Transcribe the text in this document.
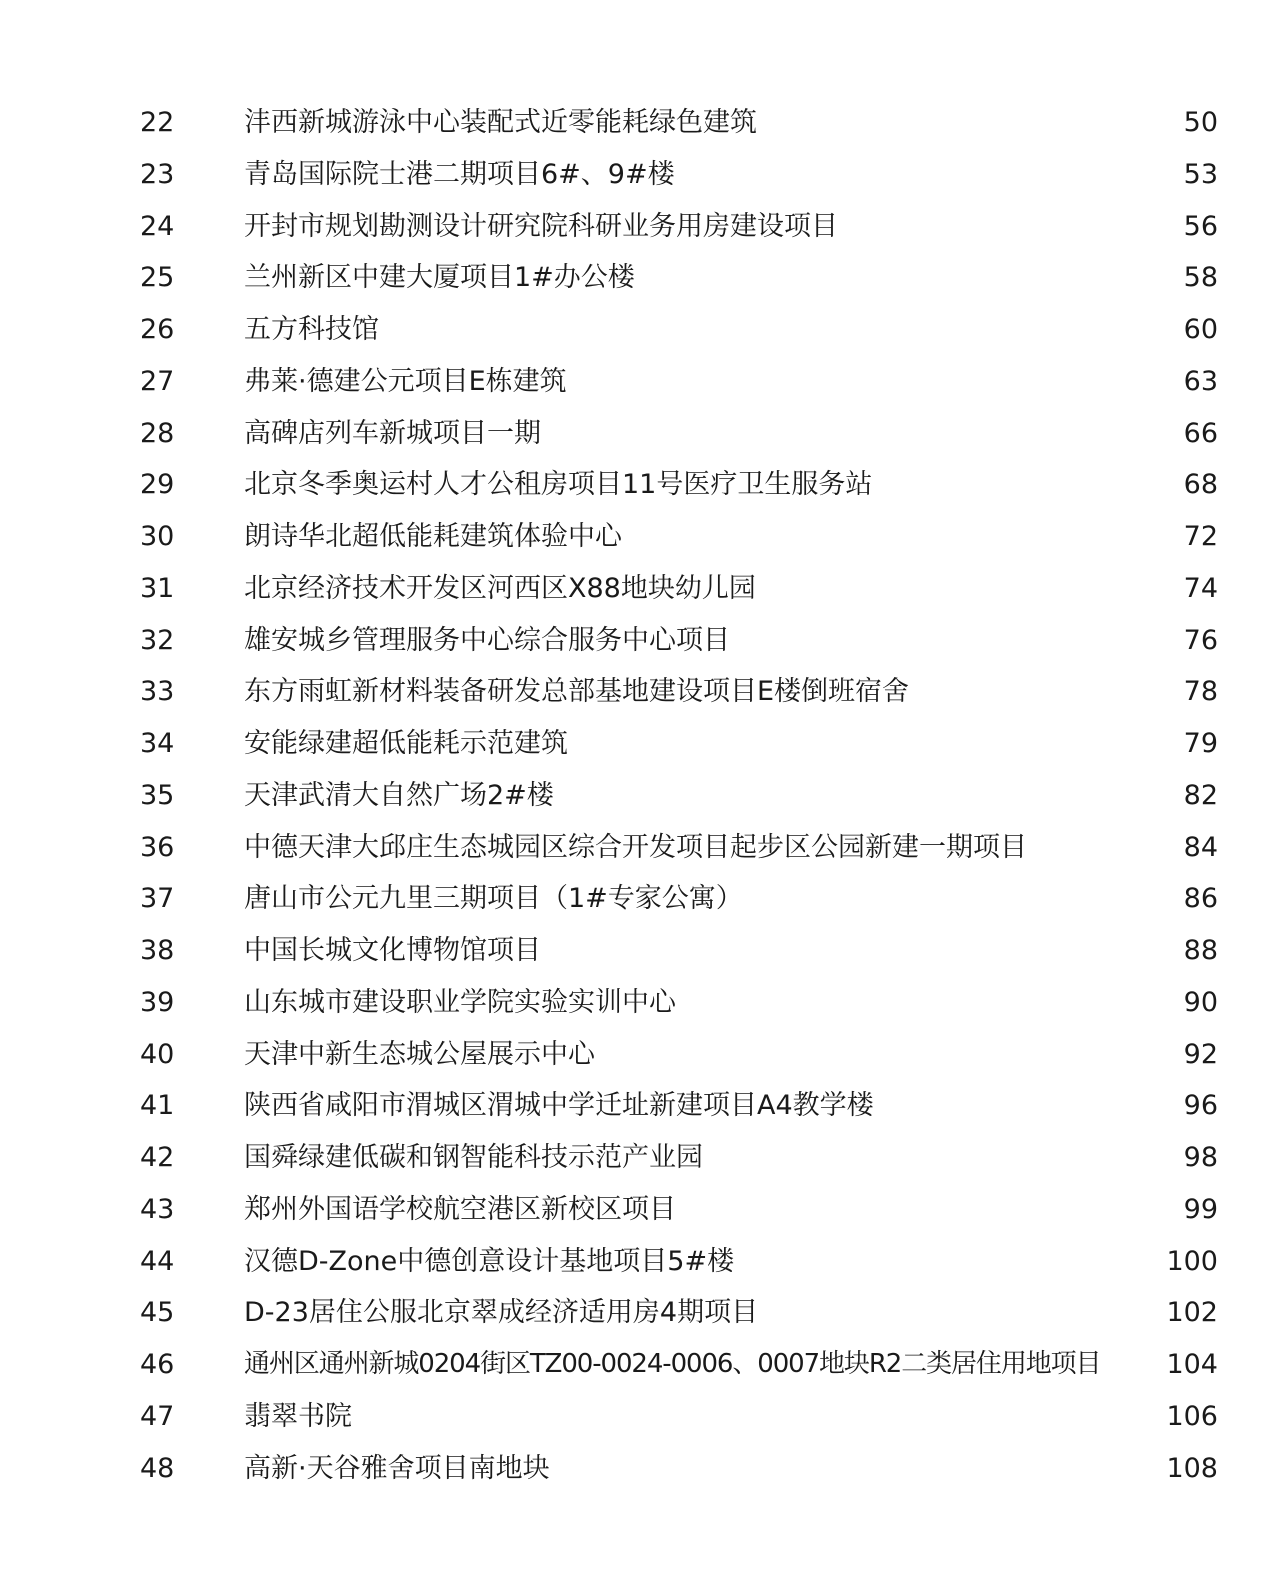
22	沣西新城游泳中心装配式近零能耗绿色建筑	50
23	青岛国际院士港二期项目6#、9#楼	53
24	开封市规划勘测设计研究院科研业务用房建设项目	56
25	兰州新区中建大厦项目1#办公楼	58
26	五方科技馆	60
27	弗莱·德建公元项目E栋建筑	63
28	高碑店列车新城项目一期	66
29	北京冬季奥运村人才公租房项目11号医疗卫生服务站	68
30	朗诗华北超低能耗建筑体验中心	72
31	北京经济技术开发区河西区X88地块幼儿园	74
32	雄安城乡管理服务中心综合服务中心项目	76
33	东方雨虹新材料装备研发总部基地建设项目E楼倒班宿舍	78
34	安能绿建超低能耗示范建筑	79
35	天津武清大自然广场2#楼	82
36	中德天津大邱庄生态城园区综合开发项目起步区公园新建一期项目	84
37	唐山市公元九里三期项目（1#专家公寓）	86
38	中国长城文化博物馆项目	88
39	山东城市建设职业学院实验实训中心	90
40	天津中新生态城公屋展示中心	92
41	陕西省咸阳市渭城区渭城中学迁址新建项目A4教学楼	96
42	国舜绿建低碳和钢智能科技示范产业园	98
43	郑州外国语学校航空港区新校区项目	99
44	汉德D-Zone中德创意设计基地项目5#楼	100
45	D-23居住公服北京翠成经济适用房4期项目	102
46	通州区通州新城0204街区TZ00-0024-0006、0007地块R2二类居住用地项目 104
47	翡翠书院	106
48	高新·天谷雅舍项目南地块	108
